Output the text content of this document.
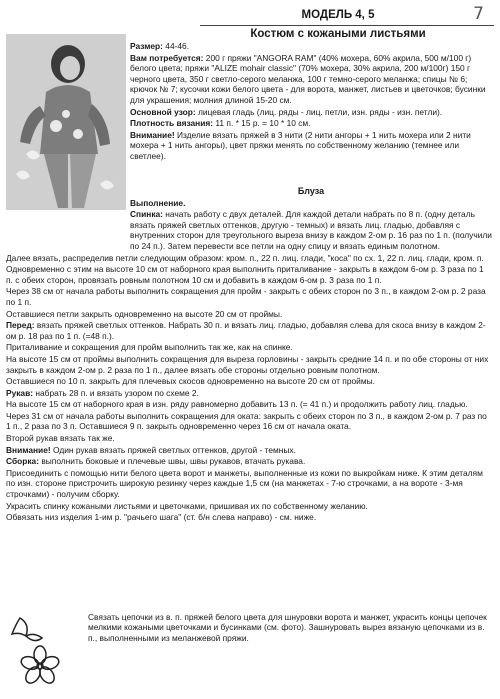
7
МОДЕЛЬ 4, 5
Костюм с кожаными листьями

Размер: 44-46.

Вам потребуется: 200 г пряжи "ANGORA RAM" (40% мохера, 60% акрила, 500 м/100 г) белого цвета; пряжи "ALIZE mohair classic" (70% мохера, 30% акрила, 200 м/100г) 150 г черного цвета, 350 г светло-серого меланжа, 100 г темно-серого меланжа; спицы № 6; крючок № 7; кусочки кожи белого цвета - для ворота, манжет, листьев и цветочков; бусинки для украшения; молния длиной 15-20 см.

Основной узор: лицевая гладь (лиц. ряды - лиц. петли, изн. ряды - изн. петли).

Плотность вязания: 11 п. * 15 р. = 10 * 10 см.

Внимание! Изделие вязать пряжей в 3 нити (2 нити ангоры + 1 нить мохера или 2 нити мохера + 1 нить ангоры), цвет пряжи менять по собственному желанию (темнее или светлее).

Блуза

Выполнение.

Спинка: начать работу с двух деталей. Для каждой детали набрать по 8 п. (одну деталь вязать пряжей светлых оттенков, другую - темных) и вязать лиц. гладью, добавляя с внутренних сторон для треугольного выреза внизу в каждом 2-ом р. 16 раз по 1 п. (получили по 24 п.). Затем перевести все петли на одну спицу и вязать единым полотном.

Далее вязать, распределив петли следующим образом: кром. п., 22 п. лиц. глади, "коса" по сх. 1, 22 п. лиц. глади, кром. п.

Одновременно с этим на высоте 10 см от наборного края выполнить приталивание - закрыть в каждом 6-ом р. 3 раза по 1 п. с обеих сторон, провязать ровным полотном 10 см и добавить в каждом 6-ом р. 3 раза по 1 п.

Через 38 см от начала работы выполнить сокращения для пройм - закрыть с обеих сторон по 3 п., в каждом 2-ом р. 2 раза по 1 п.

Оставшиеся петли закрыть одновременно на высоте 20 см от проймы.

Перед: вязать пряжей светлых оттенков. Набрать 30 п. и вязать лиц. гладью, добавляя слева для скоса внизу в каждом 2-ом р. 18 раз по 1 п. (=48 п.).

Приталивание и сокращения для пройм выполнить так же, как на спинке.

На высоте 15 см от проймы выполнить сокращения для выреза горловины - закрыть средние 14 п. и по обе стороны от них закрыть в каждом 2-ом р. 2 раза по 1 п., далее вязать обе стороны отдельно ровным полотном.

Оставшиеся по 10 п. закрыть для плечевых скосов одновременно на высоте 20 см от проймы.

Рукав: набрать 28 п. и вязать узором по схеме 2.

На высоте 15 см от наборного края в изн. ряду равномерно добавить 13 п. (= 41 п.) и продолжить работу лиц. гладью.

Через 31 см от начала работы выполнить сокращения для оката: закрыть с обеих сторон по 3 п., в каждом 2-ом р. 7 раз по 1 п., 2 раза по 3 п. Оставшиеся 9 п. закрыть одновременно через 16 см от начала оката.

Второй рукав вязать так же.

Внимание! Один рукав вязать пряжей светлых оттенков, другой - темных.

Сборка: выполнить боковые и плечевые швы, швы рукавов, втачать рукава.

Присоединить с помощью нити белого цвета ворот и манжеты, выполненные из кожи по выкройкам ниже. К этим деталям по изн. стороне пристрочить широкую резинку через каждые 1,5 см (на манжетах - 7-ю строчками, а на вороте - 3-мя строчками) - получим сборку.

Украсить спинку кожаными листьями и цветочками, пришивая их по собственному желанию.

Обвязать низ изделия 1-им р. "рачьего шага" (ст. б/н слева направо) - см. ниже.

Связать цепочки из в. п. пряжей белого цвета для шнуровки ворота и манжет, украсить концы цепочек мелкими кожаными цветочками и бусинками (см. фото). Зашнуровать вырез вязаную цепочками из в. п., выполненными из меланжевой пряжи.
